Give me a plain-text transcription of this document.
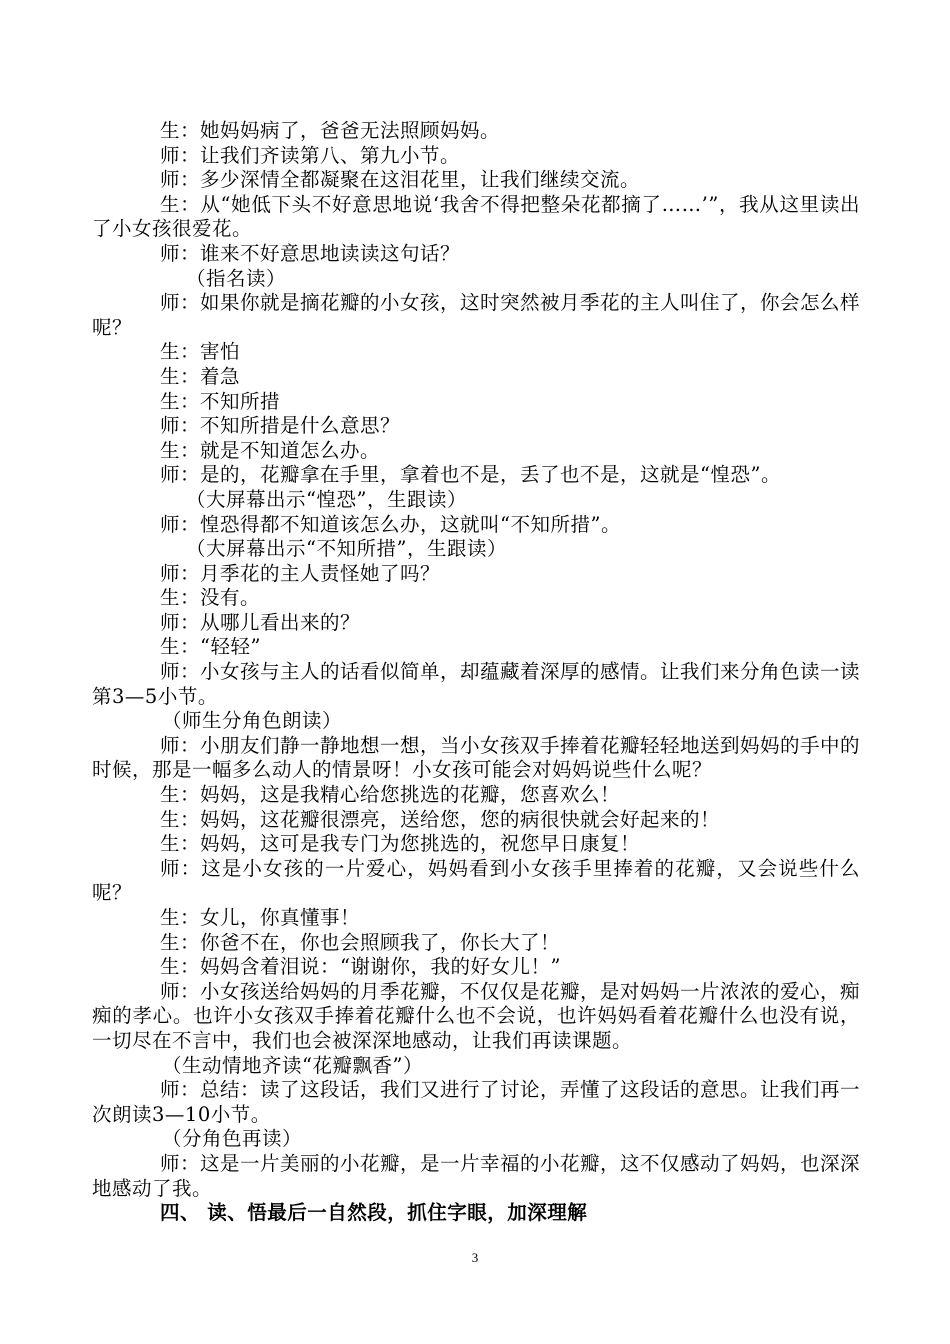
生：她妈妈病了，爸爸无法照顾妈妈。

师：让我们齐读第八、第九小节。

师：多少深情全都凝聚在这泪花里，让我们继续交流。

生：从“她低下头不好意思地说‘我舍不得把整朵花都摘了……’”，我从这里读出了小女孩很爱花。

师：谁来不好意思地读读这句话？

（指名读）

师：如果你就是摘花瓣的小女孩，这时突然被月季花的主人叫住了，你会怎么样呢？

生：害怕

生：着急

生：不知所措

师：不知所措是什么意思？

生：就是不知道怎么办。

师：是的，花瓣拿在手里，拿着也不是，丢了也不是，这就是“惶恐”。

（大屏幕出示“惶恐”，生跟读）

师：惶恐得都不知道该怎么办，这就叫“不知所措”。

（大屏幕出示“不知所措”，生跟读）

师：月季花的主人责怪她了吗？

生：没有。

师：从哪儿看出来的？

生：“轻轻”

师：小女孩与主人的话看似简单，却蕴藏着深厚的感情。让我们来分角色读一读第3—5小节。

（师生分角色朗读）

师：小朋友们静一静地想一想，当小女孩双手捧着花瓣轻轻地送到妈妈的手中的时候，那是一幅多么动人的情景呀！小女孩可能会对妈妈说些什么呢？

生：妈妈，这是我精心给您挑选的花瓣，您喜欢么！

生：妈妈，这花瓣很漂亮，送给您，您的病很快就会好起来的！

生：妈妈，这可是我专门为您挑选的，祝您早日康复！

师：这是小女孩的一片爱心，妈妈看到小女孩手里捧着的花瓣，又会说些什么呢？

生：女儿，你真懂事！

生：你爸不在，你也会照顾我了，你长大了！

生：妈妈含着泪说：“谢谢你，我的好女儿！”

师：小女孩送给妈妈的月季花瓣，不仅仅是花瓣，是对妈妈一片浓浓的爱心，痴痴的孝心。也许小女孩双手捧着花瓣什么也不会说，也许妈妈看着花瓣什么也没有说，一切尽在不言中，我们也会被深深地感动，让我们再读课题。

（生动情地齐读“花瓣飘香”）

师：总结：读了这段话，我们又进行了讨论，弄懂了这段话的意思。让我们再一次朗读3—10小节。

（分角色再读）

师：这是一片美丽的小花瓣，是一片幸福的小花瓣，这不仅感动了妈妈，也深深地感动了我。

四、 读、悟最后一自然段，抓住字眼，加深理解

3
